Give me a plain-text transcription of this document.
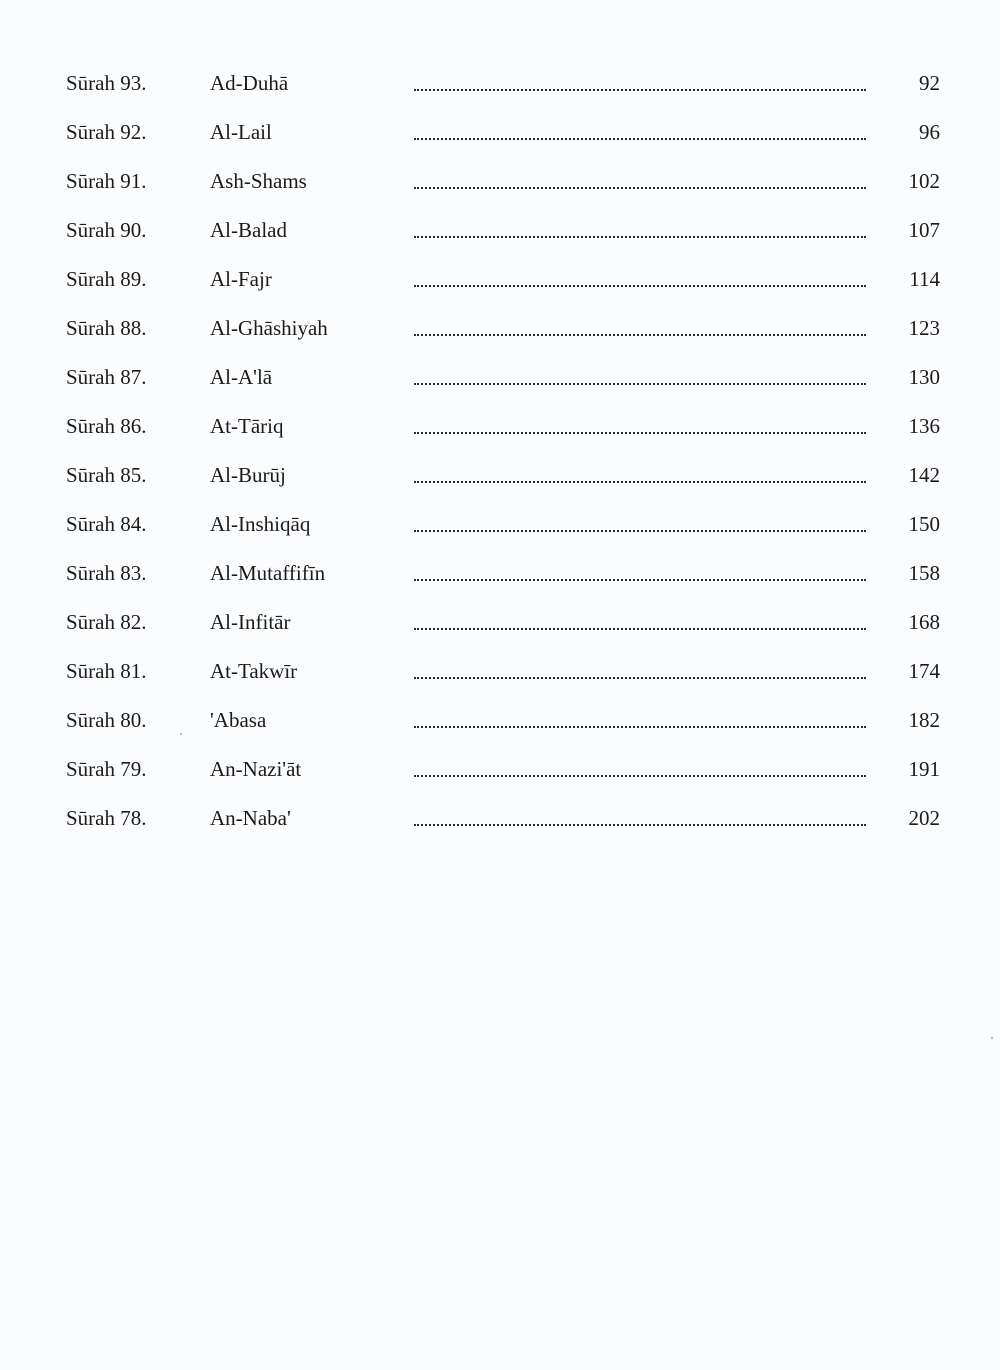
Sūrah 93.	Ad-Duhā	92
Sūrah 92.	Al-Lail	96
Sūrah 91.	Ash-Shams	102
Sūrah 90.	Al-Balad	107
Sūrah 89.	Al-Fajr	114
Sūrah 88.	Al-Ghāshiyah	123
Sūrah 87.	Al-A'lā	130
Sūrah 86.	At-Tāriq	136
Sūrah 85.	Al-Burūj	142
Sūrah 84.	Al-Inshiqāq	150
Sūrah 83.	Al-Mutaffifīn	158
Sūrah 82.	Al-Infitār	168
Sūrah 81.	At-Takwīr	174
Sūrah 80.	'Abasa	182
Sūrah 79.	An-Nazi'āt	191
Sūrah 78.	An-Naba'	202
